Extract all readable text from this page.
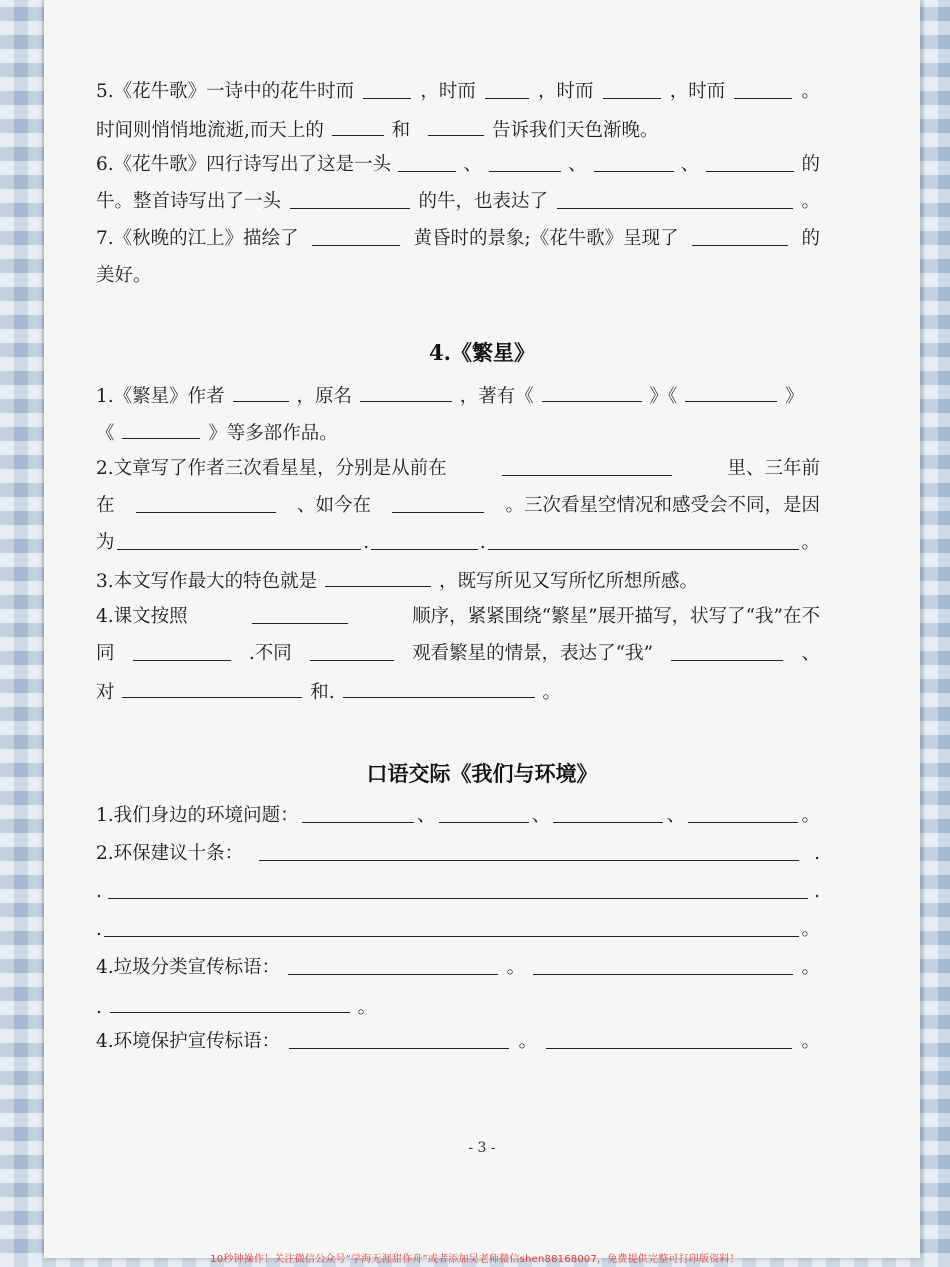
5.《花牛歌》一诗中的花牛时而	，时而	，时而	，时而	。
时间则悄悄地流逝,而天上的	和	告诉我们天色渐晚。
6.《花牛歌》四行诗写出了这是一头	、	、	、	的
牛。整首诗写出了一头	的牛，也表达了	。
7.《秋晚的江上》描绘了	黄昏时的景象;《花牛歌》呈现了	的
美好。
4.《繁星》
1.《繁星》作者	，原名	，著有《	》《	》
《	》等多部作品。
2.文章写了作者三次看星星，分别是从前在	里、三年前
在	、如今在	。三次看星空情况和感受会不同，是因
为	.	.	。
3.本文写作最大的特色就是	，既写所见又写所忆所想所感。
4.课文按照	顺序，紧紧围绕“繁星”展开描写，状写了“我”在不
同	.不同	观看繁星的情景，表达了“我”	、
对	和.	。
口语交际《我们与环境》
1.我们身边的环境问题：	、	、	、	。
2.环保建议十条：	.
.	.
.	。
4.垃圾分类宣传标语：	。	。
.	。
4.环境保护宣传标语：	。	。
- 3 -
10秒钟操作！关注微信公众号“学海无涯甜作舟”或者添加吴老师微信shen88168007，免费提供完整可打印版资料！
